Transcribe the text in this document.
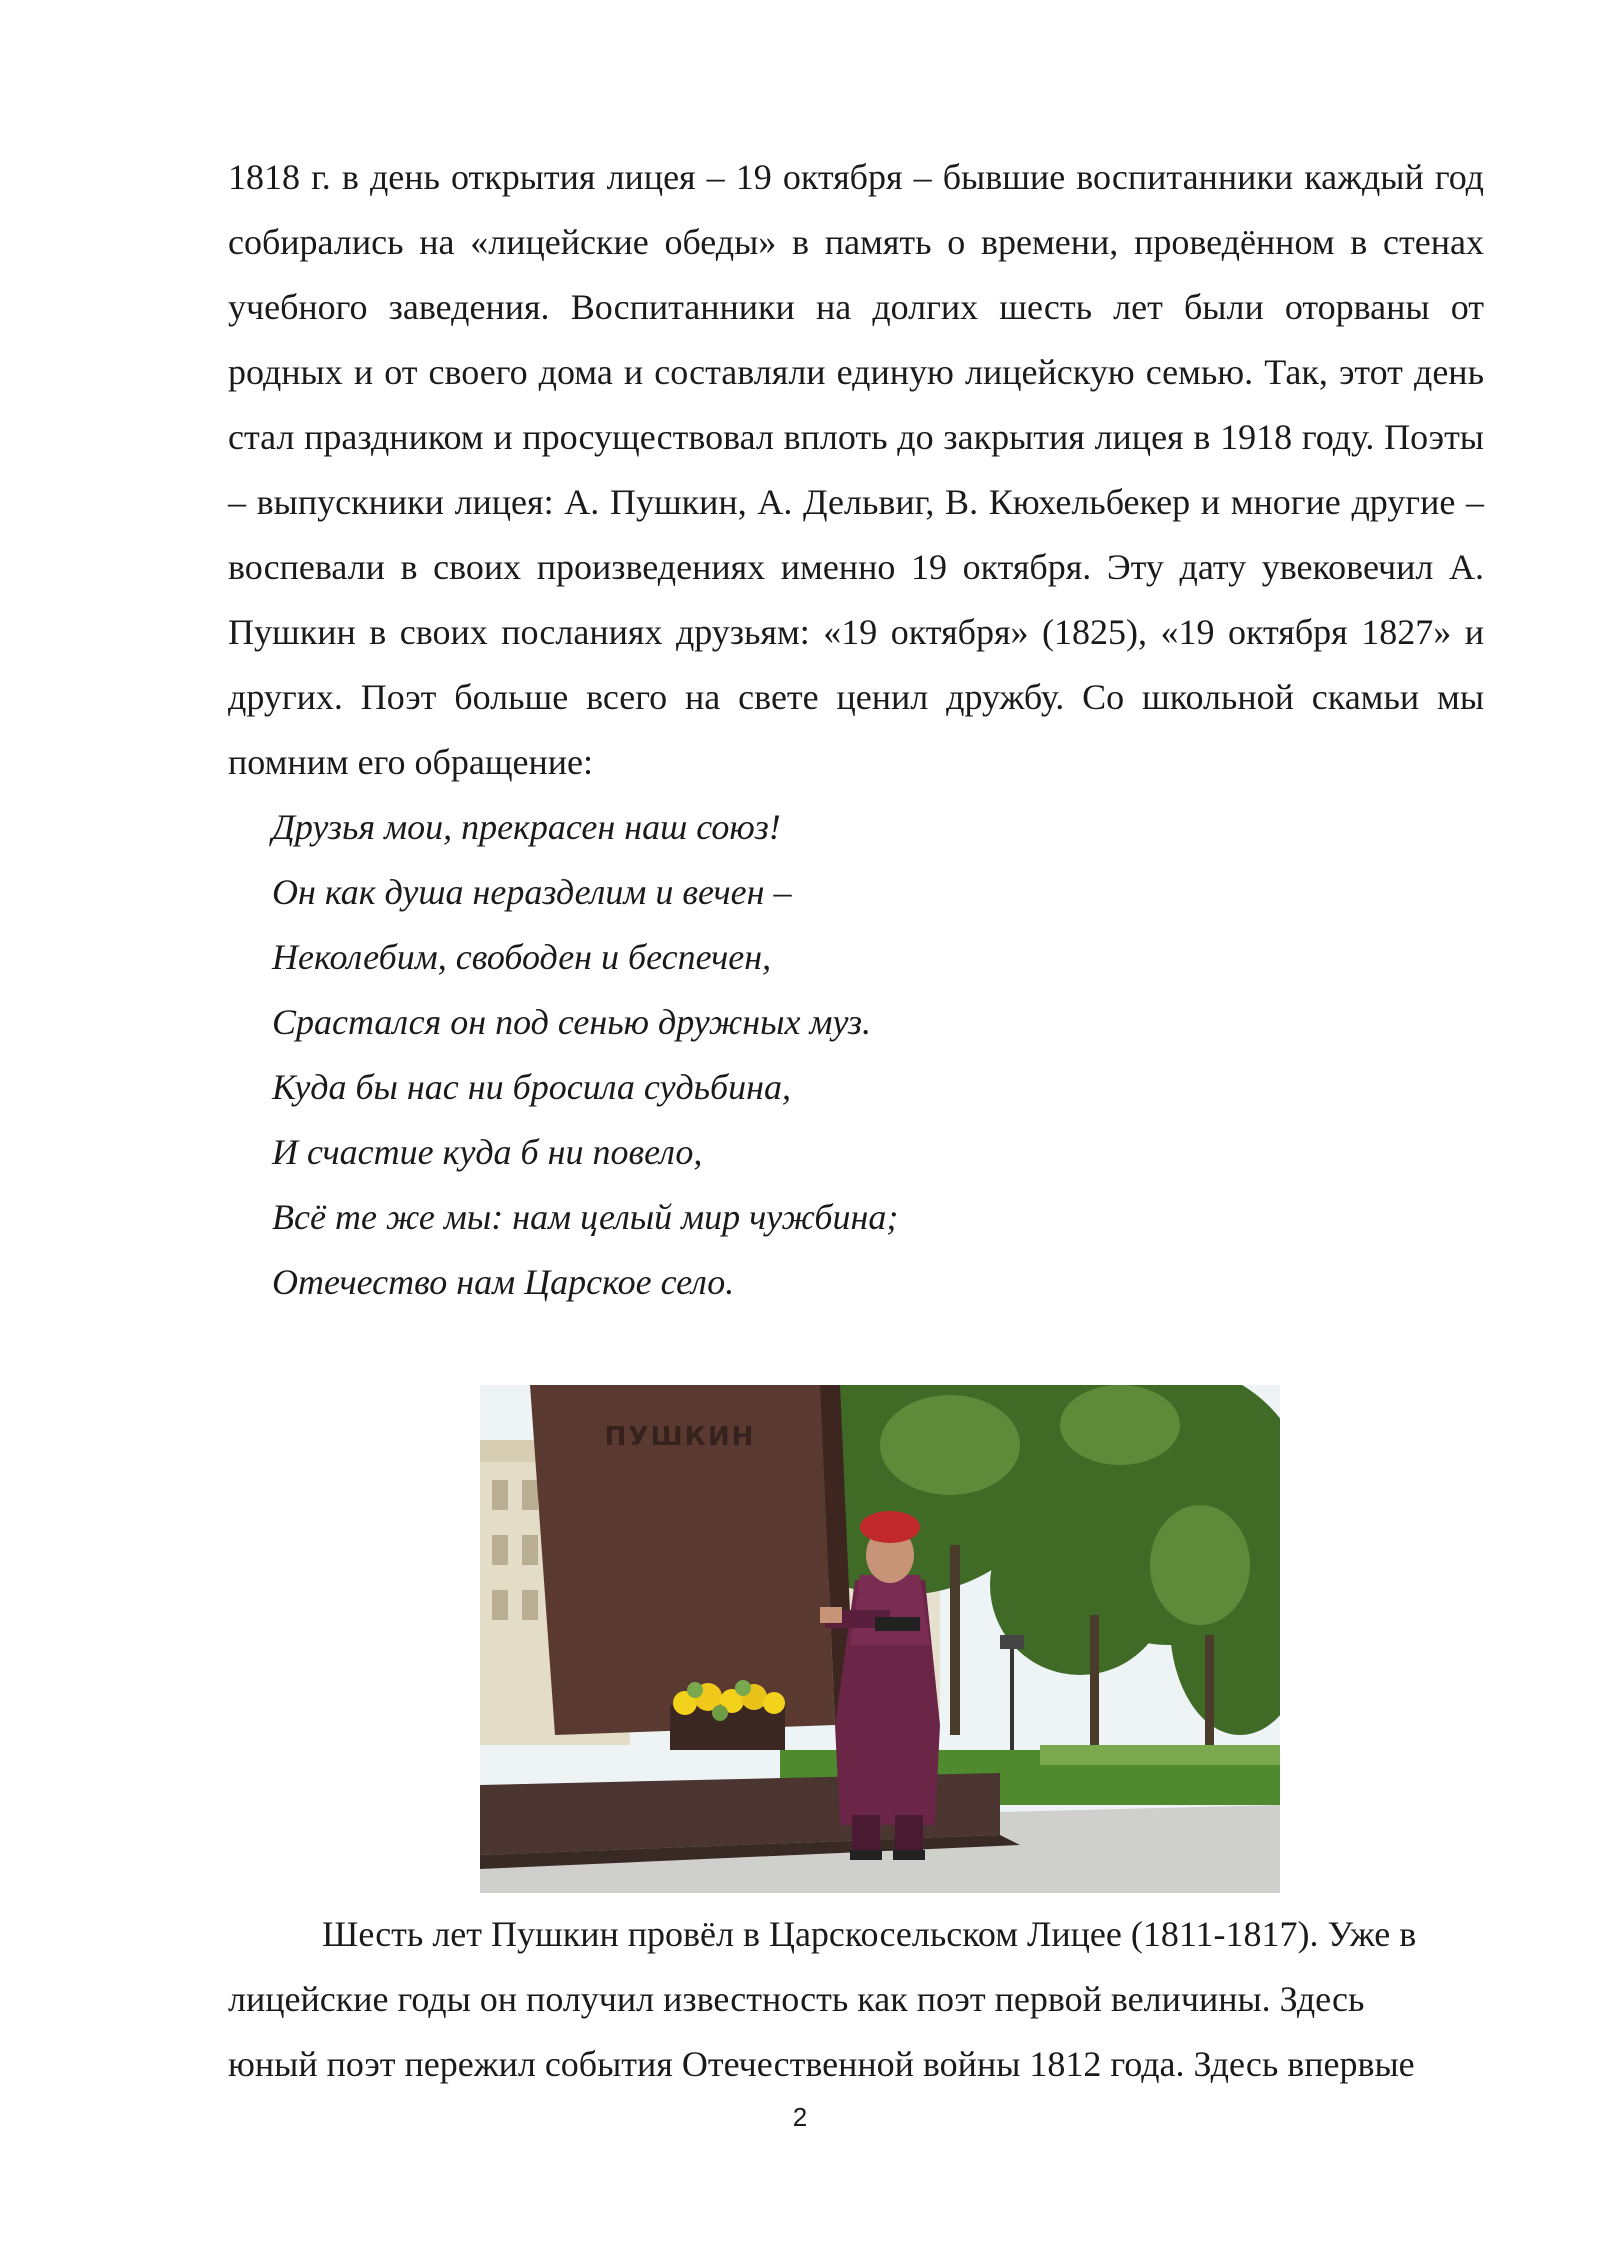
1818 г. в день открытия лицея – 19 октября – бывшие воспитанники каждый год собирались на «лицейские обеды» в память о времени, проведённом в стенах учебного заведения. Воспитанники на долгих шесть лет были оторваны от родных и от своего дома и составляли единую лицейскую семью. Так, этот день стал праздником и просуществовал вплоть до закрытия лицея в 1918 году. Поэты – выпускники лицея: А. Пушкин, А. Дельвиг, В. Кюхельбекер и многие другие – воспевали в своих произведениях именно 19 октября. Эту дату увековечил А. Пушкин в своих посланиях друзьям: «19 октября» (1825), «19 октября 1827» и других. Поэт больше всего на свете ценил дружбу. Со школьной скамьи мы помним его обращение:

Друзья мои, прекрасен наш союз!
Он как душа неразделим и вечен –
Неколебим, свободен и беспечен,
Срастался он под сенью дружных муз.
Куда бы нас ни бросила судьбина,
И счастие куда б ни повело,
Всё те же мы: нам целый мир чужбина;
Отечество нам Царское село.
ПУШКИН
Шесть лет Пушкин провёл в Царскосельском Лицее (1811-1817). Уже в
лицейские годы он получил известность как поэт первой величины. Здесь
юный поэт пережил события Отечественной войны 1812 года. Здесь впервые
2
